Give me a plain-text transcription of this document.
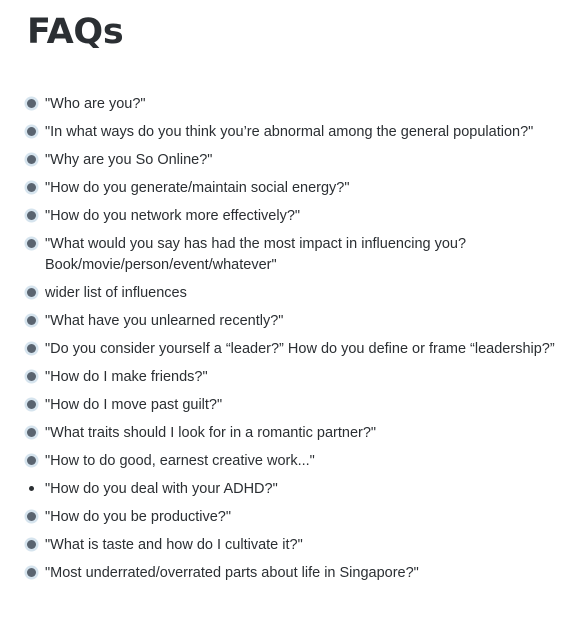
FAQs
"Who are you?"
"In what ways do you think you’re abnormal among the general population?"
"Why are you So Online?"
"How do you generate/maintain social energy?"
"How do you network more effectively?"
"What would you say has had the most impact in influencing you? Book/movie/person/event/whatever"
wider list of influences
"What have you unlearned recently?"
"Do you consider yourself a “leader?” How do you define or frame “leadership?”
"How do I make friends?"
"How do I move past guilt?"
"What traits should I look for in a romantic partner?"
"How to do good, earnest creative work..."
"How do you deal with your ADHD?"
"How do you be productive?"
"What is taste and how do I cultivate it?"
"Most underrated/overrated parts about life in Singapore?"
